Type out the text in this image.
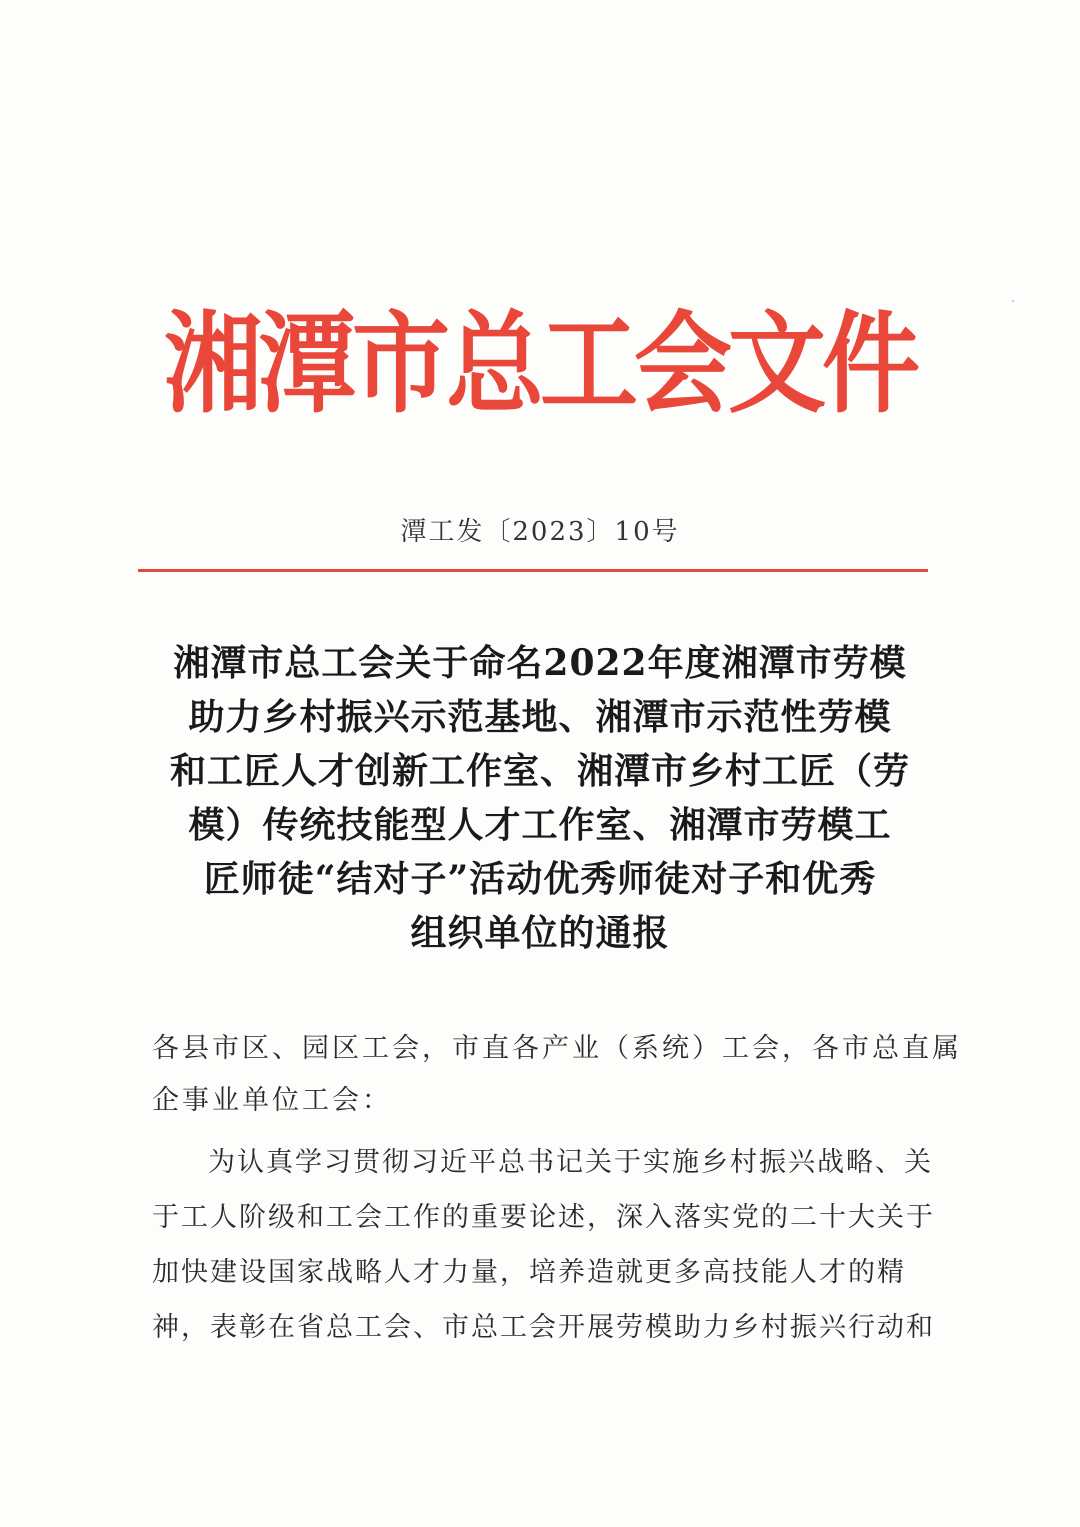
湘潭市总工会文件
潭工发〔2023〕10号
湘潭市总工会关于命名2022年度湘潭市劳模
助力乡村振兴示范基地、湘潭市示范性劳模
和工匠人才创新工作室、湘潭市乡村工匠（劳
模）传统技能型人才工作室、湘潭市劳模工
匠师徒“结对子”活动优秀师徒对子和优秀
组织单位的通报

各县市区、园区工会，市直各产业（系统）工会，各市总直属
企事业单位工会：

为认真学习贯彻习近平总书记关于实施乡村振兴战略、关
于工人阶级和工会工作的重要论述，深入落实党的二十大关于
加快建设国家战略人才力量，培养造就更多高技能人才的精
神，表彰在省总工会、市总工会开展劳模助力乡村振兴行动和
